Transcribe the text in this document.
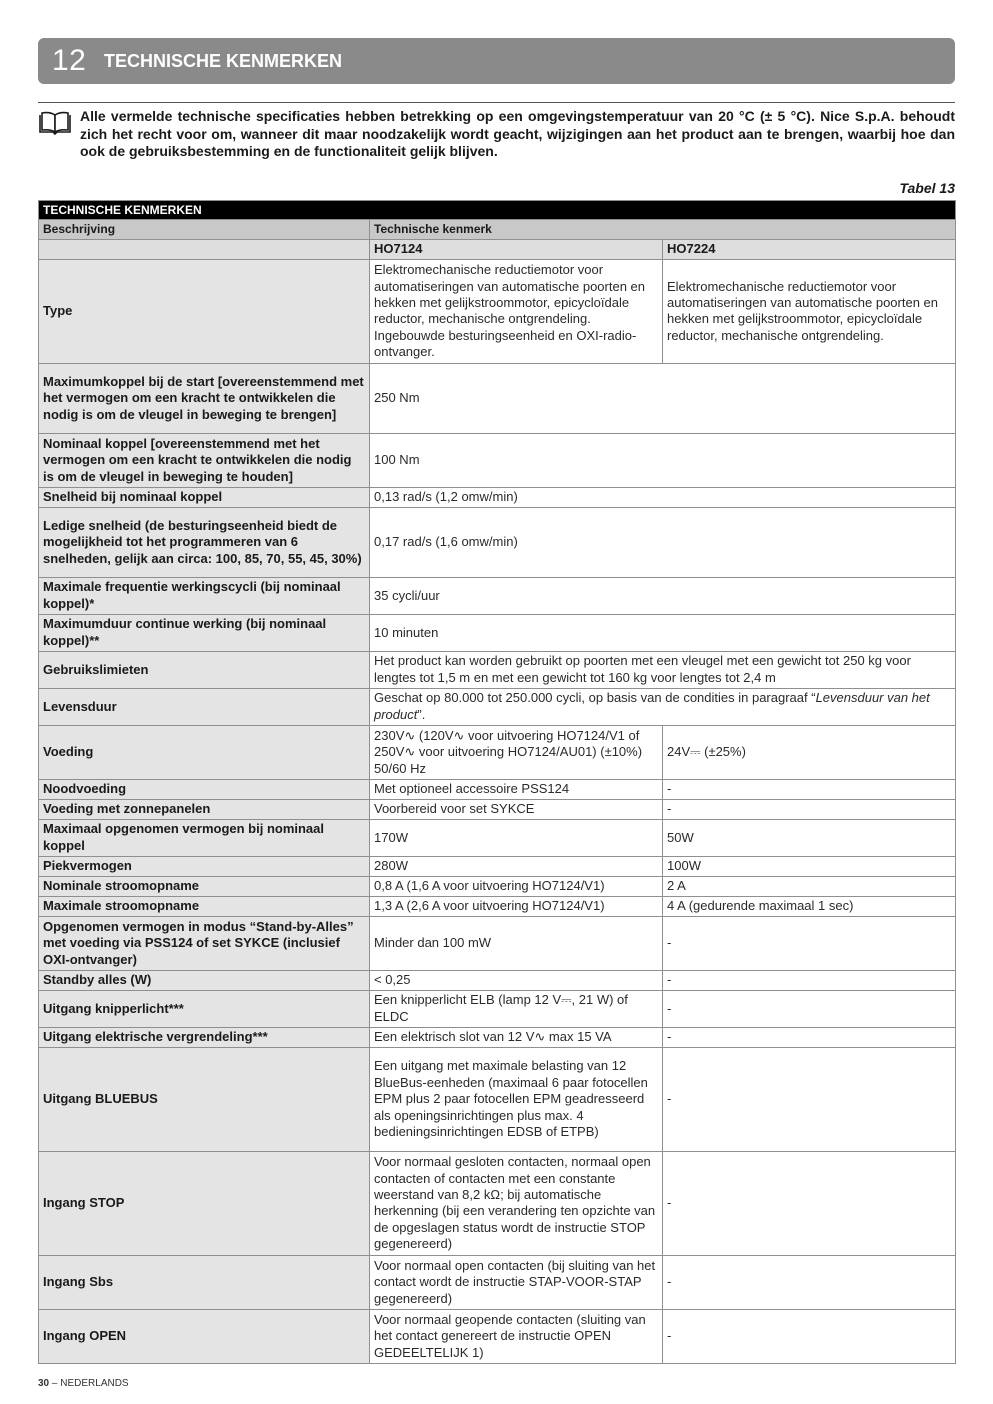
12 TECHNISCHE KENMERKEN
Alle vermelde technische specificaties hebben betrekking op een omgevingstemperatuur van 20 °C (± 5 °C). Nice S.p.A. behoudt zich het recht voor om, wanneer dit maar noodzakelijk wordt geacht, wijzigingen aan het product aan te brengen, waarbij hoe dan ook de gebruiksbestemming en de functionaliteit gelijk blijven.
Tabel 13
TECHNISCHE KENMERKEN		
Beschrijving	Technische kenmerk	
	HO7124	HO7224
Type	Elektromechanische reductiemotor voor automatiseringen van automatische poorten en hekken met gelijkstroommotor, epicycloïdale reductor, mechanische ontgrendeling. Ingebouwde besturingseenheid en OXI-radio-ontvanger.	Elektromechanische reductiemotor voor automatiseringen van automatische poorten en hekken met gelijkstroommotor, epicycloïdale reductor, mechanische ontgrendeling.
Maximumkoppel bij de start [overeenstemmend met het vermogen om een kracht te ontwikkelen die nodig is om de vleugel in beweging te brengen]	250 Nm	
Nominaal koppel [overeenstemmend met het vermogen om een kracht te ontwikkelen die nodig is om de vleugel in beweging te houden]	100 Nm	
Snelheid bij nominaal koppel	0,13 rad/s (1,2 omw/min)	
Ledige snelheid (de besturingseenheid biedt de mogelijkheid tot het programmeren van 6 snelheden, gelijk aan circa: 100, 85, 70, 55, 45, 30%)	0,17 rad/s (1,6 omw/min)	
Maximale frequentie werkingscycli (bij nominaal koppel)*	35 cycli/uur	
Maximumduur continue werking (bij nominaal koppel)**	10 minuten	
Gebruikslimieten	Het product kan worden gebruikt op poorten met een vleugel met een gewicht tot 250 kg voor lengtes tot 1,5 m en met een gewicht tot 160 kg voor lengtes tot 2,4 m	
Levensduur	Geschat op 80.000 tot 250.000 cycli, op basis van de condities in paragraaf “Levensduur van het product”.	
Voeding	230V∿ (120V∿ voor uitvoering HO7124/V1 of 250V∿ voor uitvoering HO7124/AU01) (±10%) 50/60 Hz	24V⎓ (±25%)
Noodvoeding	Met optioneel accessoire PSS124	-
Voeding met zonnepanelen	Voorbereid voor set SYKCE	-
Maximaal opgenomen vermogen bij nominaal koppel	170W	50W
Piekvermogen	280W	100W
Nominale stroomopname	0,8 A (1,6 A voor uitvoering HO7124/V1)	2 A
Maximale stroomopname	1,3 A (2,6 A voor uitvoering HO7124/V1)	4 A (gedurende maximaal 1 sec)
Opgenomen vermogen in modus “Stand-by-Alles” met voeding via PSS124 of set SYKCE (inclusief OXI-ontvanger)	Minder dan 100 mW	-
Standby alles (W)	< 0,25	-
Uitgang knipperlicht***	Een knipperlicht ELB (lamp 12 V⎓, 21 W) of ELDC	-
Uitgang elektrische vergrendeling***	Een elektrisch slot van 12 V∿ max 15 VA	-
Uitgang BLUEBUS	Een uitgang met maximale belasting van 12 BlueBus-eenheden (maximaal 6 paar fotocellen EPM plus 2 paar fotocellen EPM geadresseerd als openingsinrichtingen plus max. 4 bedieningsinrichtingen EDSB of ETPB)	-
Ingang STOP	Voor normaal gesloten contacten, normaal open contacten of contacten met een constante weerstand van 8,2 kΩ; bij automatische herkenning (bij een verandering ten opzichte van de opgeslagen status wordt de instructie STOP gegenereerd)	-
Ingang Sbs	Voor normaal open contacten (bij sluiting van het contact wordt de instructie STAP-VOOR-STAP gegenereerd)	-
Ingang OPEN	Voor normaal geopende contacten (sluiting van het contact genereert de instructie OPEN GEDEELTELIJK 1)	-
30 – NEDERLANDS
